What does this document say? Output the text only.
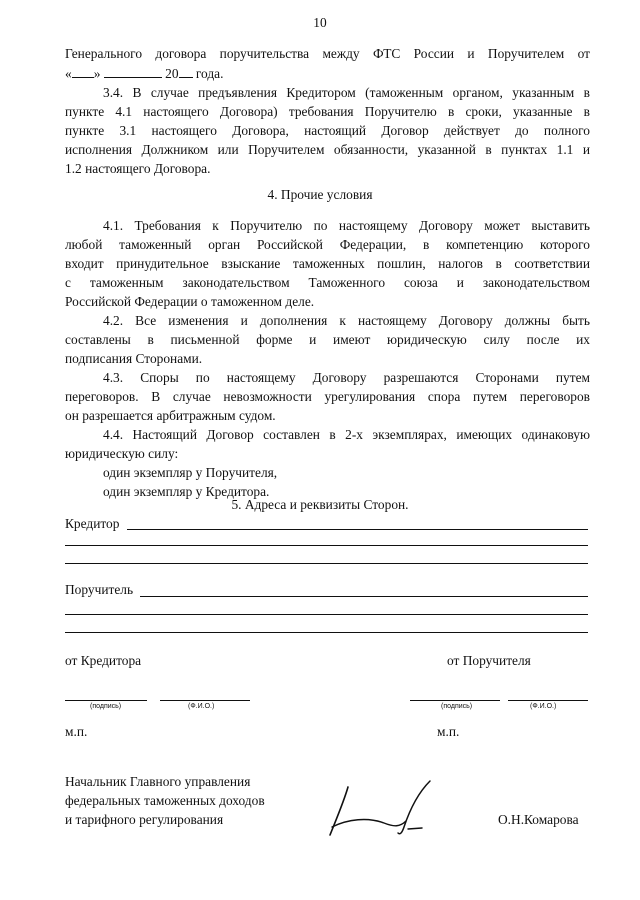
10
Генерального договора поручительства между ФТС России и Поручителем от
« »	20 года.
3.4. В случае предъявления Кредитором (таможенным органом, указанным в
пункте 4.1 настоящего Договора) требования Поручителю в сроки, указанные в
пункте 3.1 настоящего Договора, настоящий Договор действует до полного
исполнения Должником или Поручителем обязанности, указанной в пунктах 1.1 и
1.2 настоящего Договора.
4. Прочие условия
4.1. Требования к Поручителю по настоящему Договору может выставить
любой таможенный орган Российской Федерации, в компетенцию которого
входит принудительное взыскание таможенных пошлин, налогов в соответствии
с таможенным законодательством Таможенного союза и законодательством
Российской Федерации о таможенном деле.
4.2. Все изменения и дополнения к настоящему Договору должны быть
составлены в письменной форме и имеют юридическую силу после их
подписания Сторонами.
4.3. Споры по настоящему Договору разрешаются Сторонами путем
переговоров. В случае невозможности урегулирования спора путем переговоров
он разрешается арбитражным судом.
4.4. Настоящий Договор составлен в 2-х экземплярах, имеющих одинаковую
юридическую силу:
один экземпляр у Поручителя,
один экземпляр у Кредитора.
5. Адреса и реквизиты Сторон.
Кредитор
Поручитель
от Кредитора	от Поручителя
(подпись)	(Ф.И.О.)	(подпись)	(Ф.И.О.)
м.п.	м.п.
Начальник Главного управления
федеральных таможенных доходов
и тарифного регулирования	О.Н.Комарова
